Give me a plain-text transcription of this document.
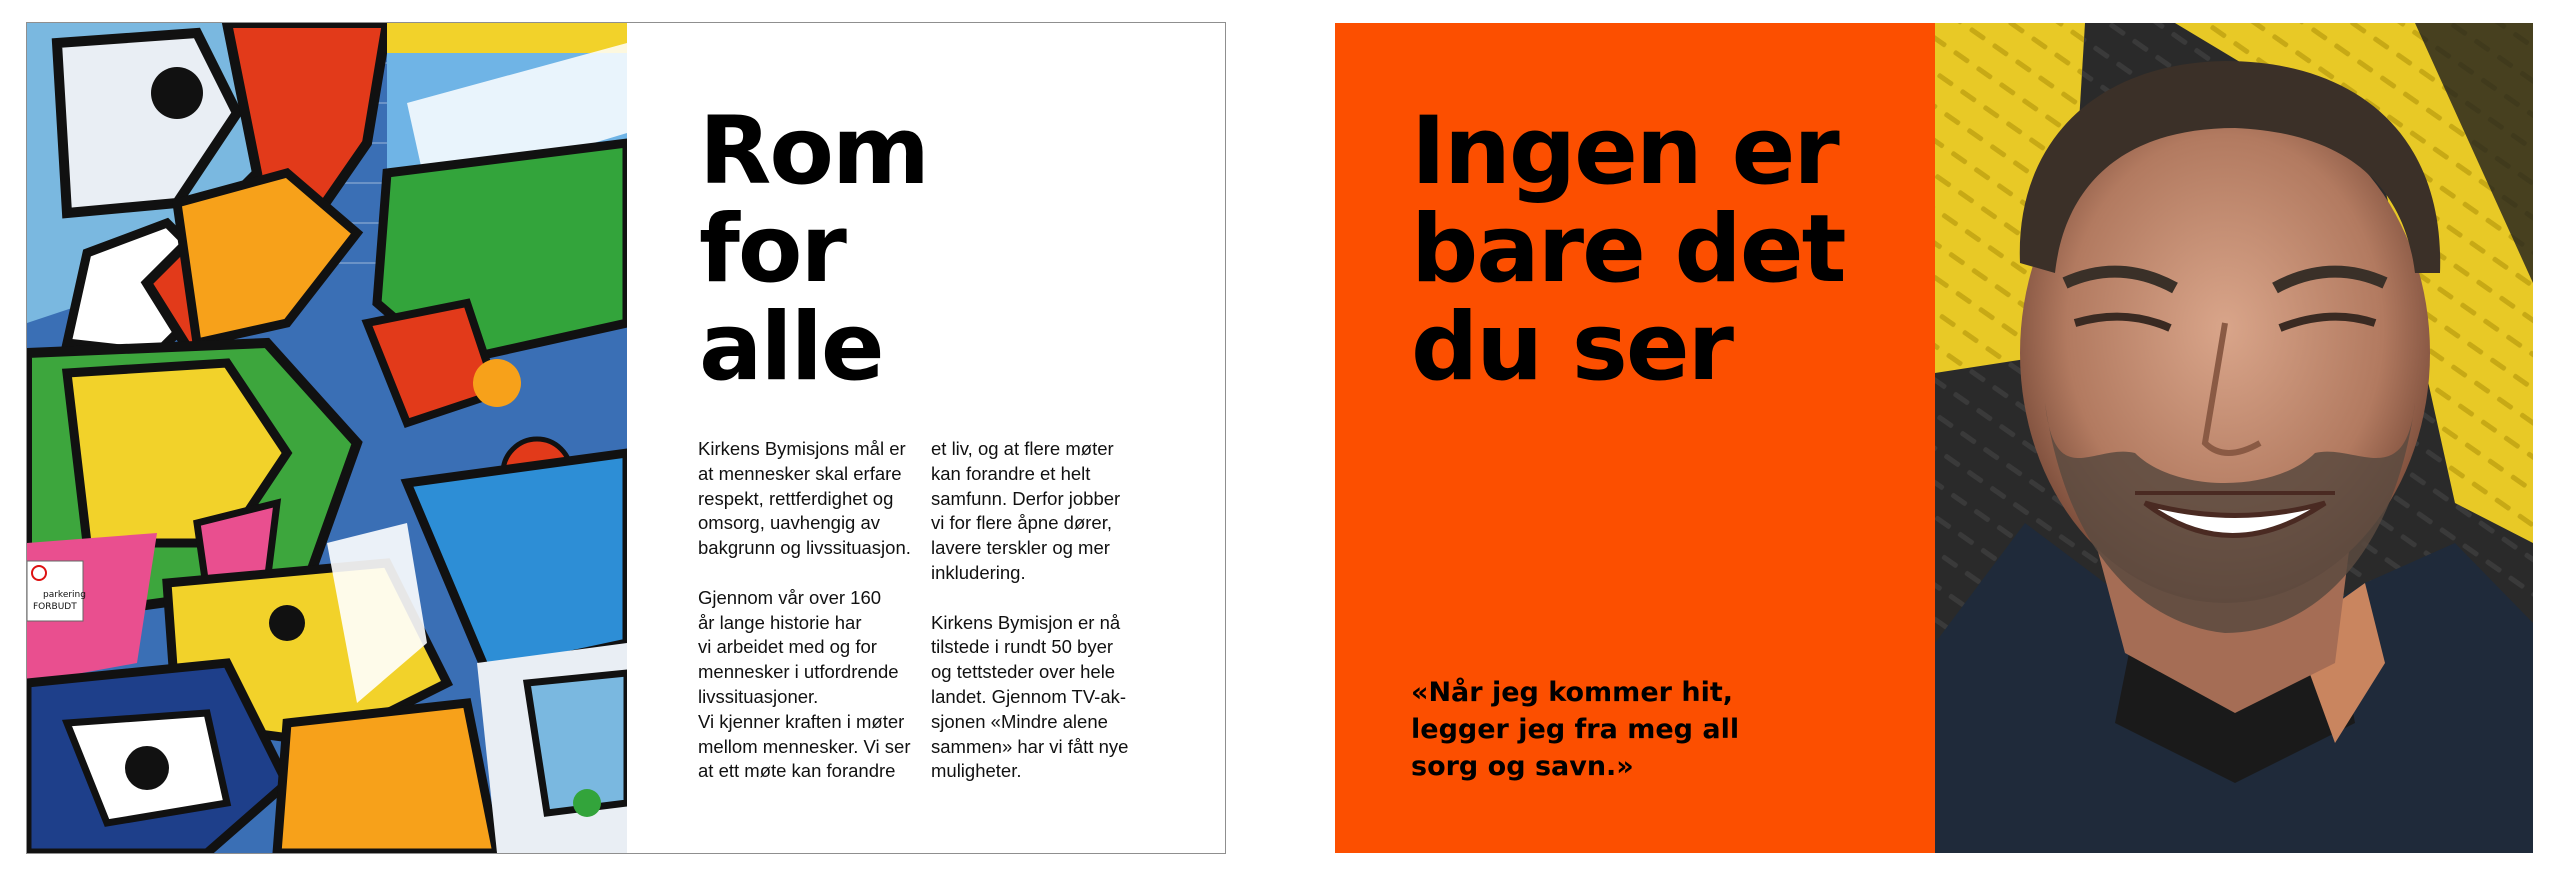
parkering
FORBUDT
Rom
for
alle

Kirkens Bymisjons mål er
at mennesker skal erfare
respekt, rettferdighet og
omsorg, uavhengig av
bakgrunn og livssituasjon.

Gjennom vår over 160
år lange historie har
vi arbeidet med og for
mennesker i utfordrende
livssituasjoner.
Vi kjenner kraften i møter
mellom mennesker. Vi ser
at ett møte kan forandre

et liv, og at flere møter
kan forandre et helt
samfunn. Derfor jobber
vi for flere åpne dører,
lavere terskler og mer
inkludering.

Kirkens Bymisjon er nå
tilstede i rundt 50 byer
og tettsteder over hele
landet. Gjennom TV-ak-
sjonen «Mindre alene
sammen» har vi fått nye
muligheter.

Ingen er
bare det
du ser
«Når jeg kommer hit,
legger jeg fra meg all
sorg og savn.»
